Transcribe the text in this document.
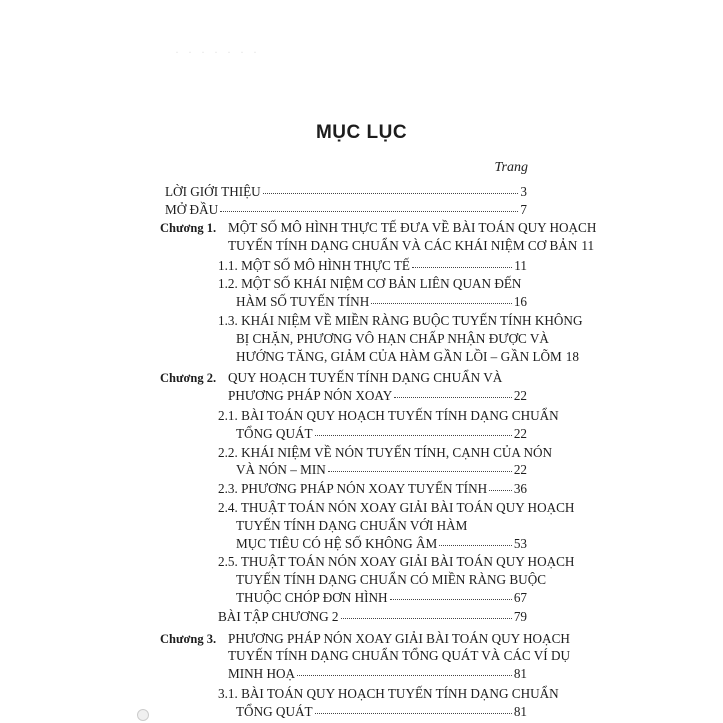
· · · · · · ·
MỤC LỤC
Trang
LỜI GIỚI THIỆU	3
MỞ ĐẦU	7
Chương 1. MỘT SỐ MÔ HÌNH THỰC TẾ ĐƯA VỀ BÀI TOÁN QUY HOẠCH
TUYẾN TÍNH DẠNG CHUẨN VÀ CÁC KHÁI NIỆM CƠ BẢN 11
1.1. MỘT SỐ MÔ HÌNH THỰC TẾ	11
1.2. MỘT SỐ KHÁI NIỆM CƠ BẢN LIÊN QUAN ĐẾN
HÀM SỐ TUYẾN TÍNH	16
1.3. KHÁI NIỆM VỀ MIỀN RÀNG BUỘC TUYẾN TÍNH KHÔNG
BỊ CHẶN, PHƯƠNG VÔ HẠN CHẤP NHẬN ĐƯỢC VÀ
HƯỚNG TĂNG, GIẢM CỦA HÀM GẦN LỒI – GẦN LÕM 18
Chương 2. QUY HOẠCH TUYẾN TÍNH DẠNG CHUẨN VÀ
PHƯƠNG PHÁP NÓN XOAY	22
2.1. BÀI TOÁN QUY HOẠCH TUYẾN TÍNH DẠNG CHUẨN
TỔNG QUÁT	22
2.2. KHÁI NIỆM VỀ NÓN TUYẾN TÍNH, CẠNH CỦA NÓN
VÀ NÓN – MIN	22
2.3. PHƯƠNG PHÁP NÓN XOAY TUYẾN TÍNH 36
2.4. THUẬT TOÁN NÓN XOAY GIẢI BÀI TOÁN QUY HOẠCH
TUYẾN TÍNH DẠNG CHUẨN VỚI HÀM
MỤC TIÊU CÓ HỆ SỐ KHÔNG ÂM	53
2.5. THUẬT TOÁN NÓN XOAY GIẢI BÀI TOÁN QUY HOẠCH
TUYẾN TÍNH DẠNG CHUẨN CÓ MIỀN RÀNG BUỘC
THUỘC CHÓP ĐƠN HÌNH	67
BÀI TẬP CHƯƠNG 2	79
Chương 3. PHƯƠNG PHÁP NÓN XOAY GIẢI BÀI TOÁN QUY HOẠCH
TUYẾN TÍNH DẠNG CHUẨN TỔNG QUÁT VÀ CÁC VÍ DỤ
MINH HOẠ	81
3.1. BÀI TOÁN QUY HOẠCH TUYẾN TÍNH DẠNG CHUẨN
TỔNG QUÁT	81
